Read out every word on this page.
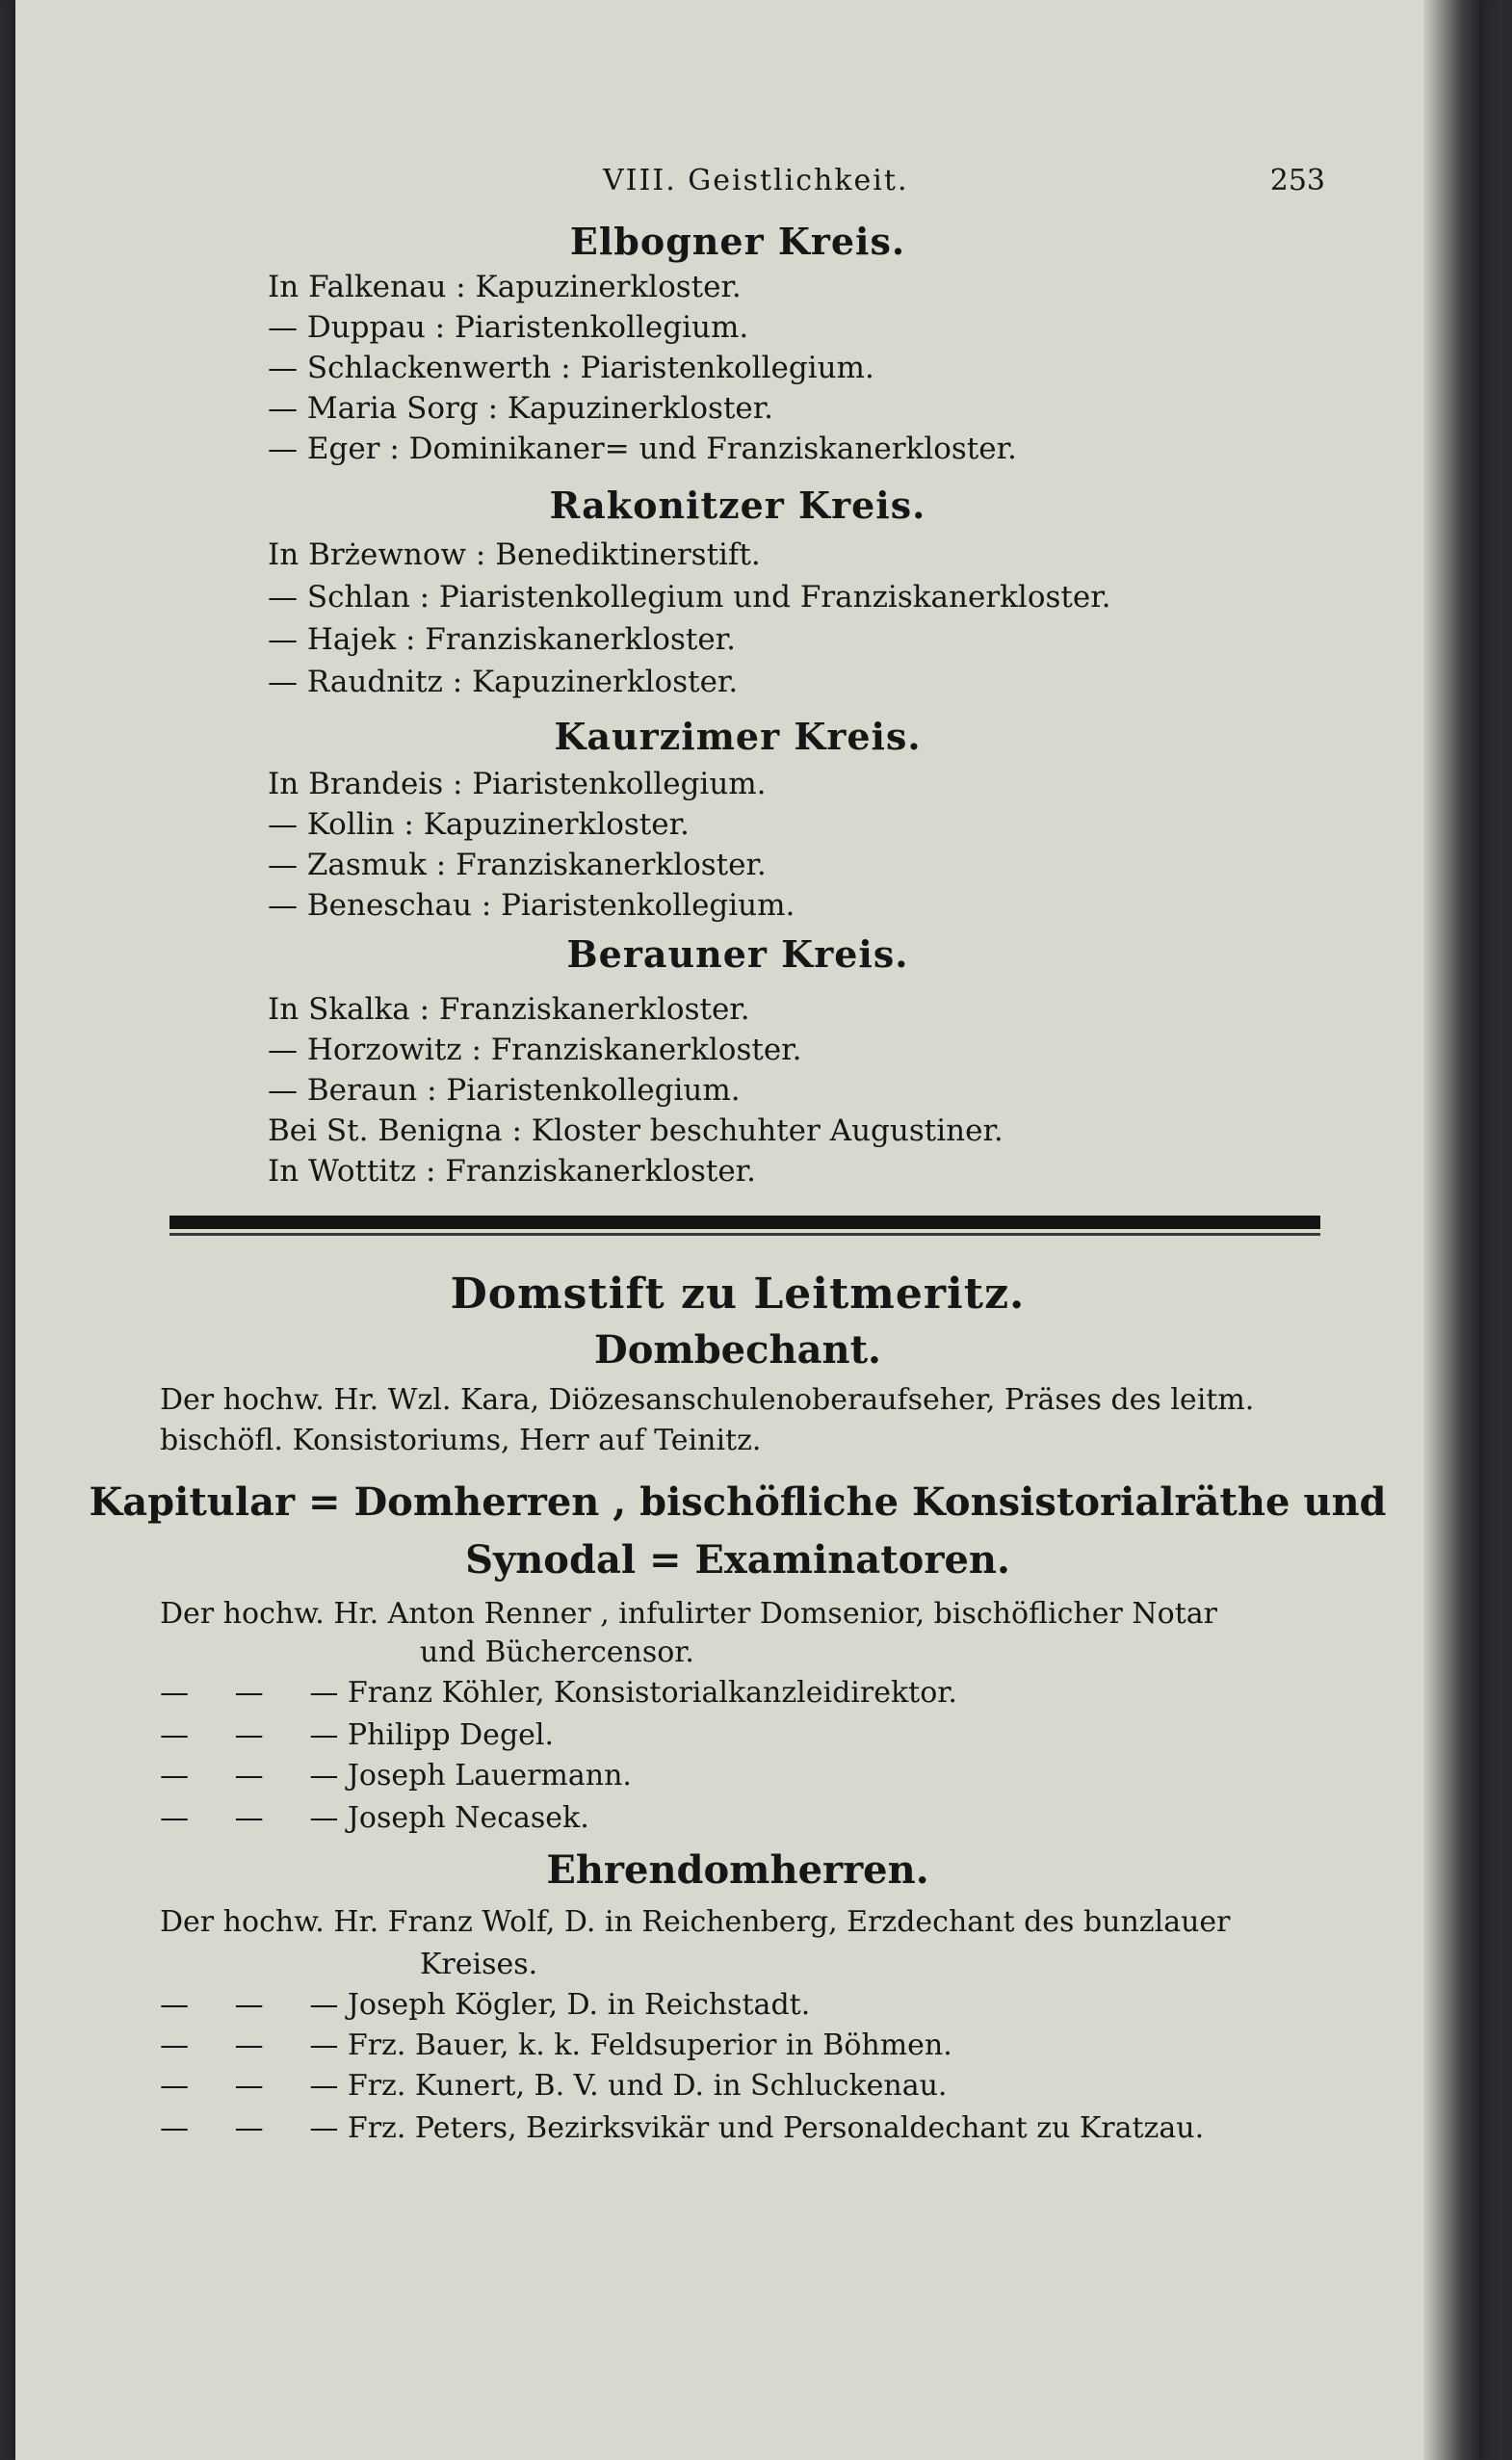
VIII. Geistlichkeit.	253
Elbogner Kreis.
In Falkenau : Kapuzinerkloster.
— Duppau : Piaristenkollegium.
— Schlackenwerth : Piaristenkollegium.
— Maria Sorg : Kapuzinerkloster.
— Eger : Dominikaner= und Franziskanerkloster.
Rakonitzer Kreis.
In Brżewnow : Benediktinerstift.
— Schlan : Piaristenkollegium und Franziskanerkloster.
— Hajek : Franziskanerkloster.
— Raudnitz : Kapuzinerkloster.
Kaurzimer Kreis.
In Brandeis : Piaristenkollegium.
— Kollin : Kapuzinerkloster.
— Zasmuk : Franziskanerkloster.
— Beneschau : Piaristenkollegium.
Berauner Kreis.
In Skalka : Franziskanerkloster.
— Horzowitz : Franziskanerkloster.
— Beraun : Piaristenkollegium.
Bei St. Benigna : Kloster beschuhter Augustiner.
In Wottitz : Franziskanerkloster.
Domstift zu Leitmeritz.
Dombechant.
Der hochw. Hr. Wzl. Kara, Diözesanschulenoberaufseher, Präses des leitm.
bischöfl. Konsistoriums, Herr auf Teinitz.
Kapitular = Domherren , bischöfliche Konsistorialräthe und
Synodal = Examinatoren.
Der hochw. Hr. Anton Renner , infulirter Domsenior, bischöflicher Notar
und Büchercensor.
—     —     — Franz Köhler, Konsistorialkanzleidirektor.
—     —     — Philipp Degel.
—     —     — Joseph Lauermann.
—     —     — Joseph Necasek.
Ehrendomherren.
Der hochw. Hr. Franz Wolf, D. in Reichenberg, Erzdechant des bunzlauer
Kreises.
—     —     — Joseph Kögler, D. in Reichstadt.
—     —     — Frz. Bauer, k. k. Feldsuperior in Böhmen.
—     —     — Frz. Kunert, B. V. und D. in Schluckenau.
—     —     — Frz. Peters, Bezirksvikär und Personaldechant zu Kratzau.
